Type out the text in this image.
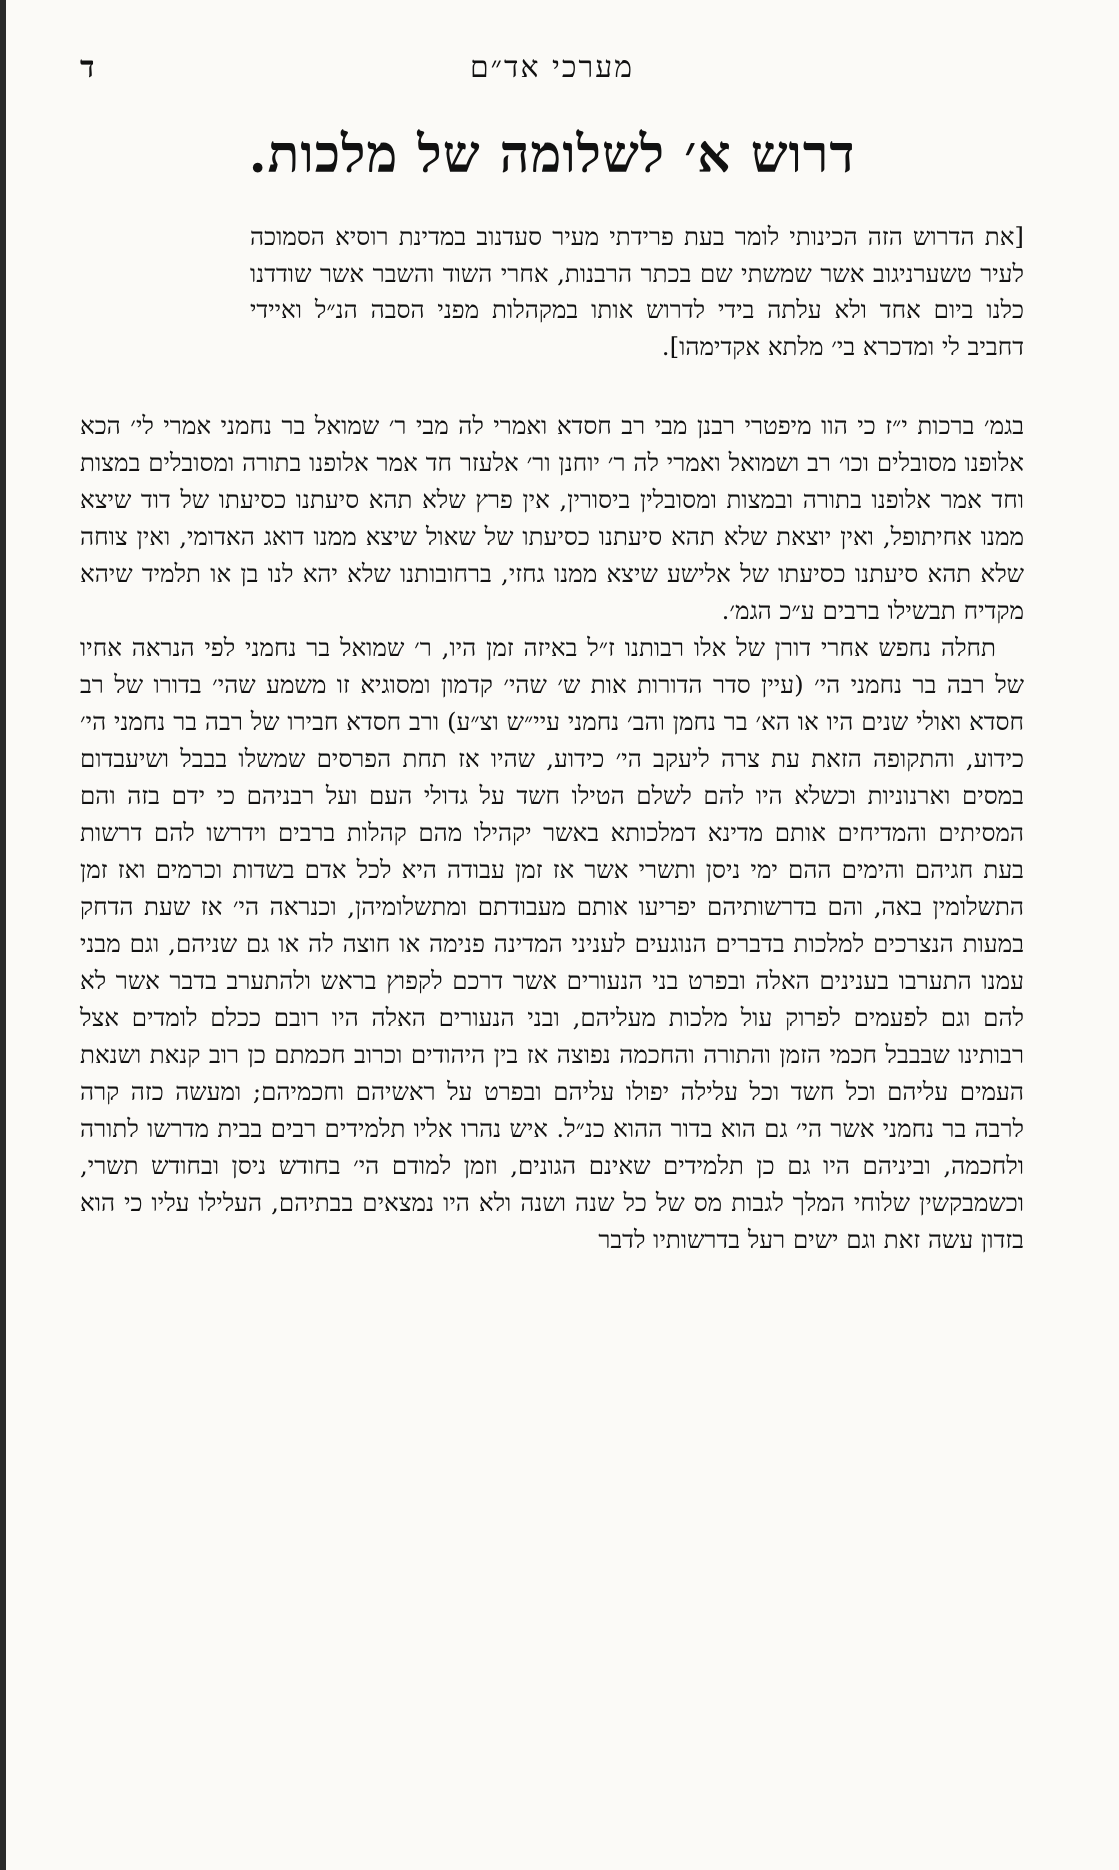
מערכי אד״ם
ד
דרוש א׳ לשלומה של מלכות.
[את הדרוש הזה הכינותי לומר בעת פרידתי מעיר סעדנוב במדינת רוסיא הסמוכה לעיר טשערניגוב אשר שמשתי שם בכתר הרבנות, אחרי השוד והשבר אשר שודדנו כלנו ביום אחד ולא עלתה בידי לדרוש אותו במקהלות מפני הסבה הנ״ל ואיידי דחביב לי ומדכרא בי׳ מלתא אקדימהו].

בגמ׳ ברכות י״ז כי הוו מיפטרי רבנן מבי רב חסדא ואמרי לה מבי ר׳ שמואל בר נחמני אמרי לי׳ הכא אלופנו מסובלים וכו׳ רב ושמואל ואמרי לה ר׳ יוחנן ור׳ אלעזר חד אמר אלופנו בתורה ומסובלים במצות וחד אמר אלופנו בתורה ובמצות ומסובלין ביסורין, אין פרץ שלא תהא סיעתנו כסיעתו של דוד שיצא ממנו אחיתופל, ואין יוצאת שלא תהא סיעתנו כסיעתו של שאול שיצא ממנו דואג האדומי, ואין צוחה שלא תהא סיעתנו כסיעתו של אלישע שיצא ממנו גחזי, ברחובותנו שלא יהא לנו בן או תלמיד שיהא מקדיח תבשילו ברבים ע״כ הגמ׳.

תחלה נחפש אחרי דורן של אלו רבותנו ז״ל באיזה זמן היו, ר׳ שמואל בר נחמני לפי הנראה אחיו של רבה בר נחמני הי׳ (עיין סדר הדורות אות ש׳ שהי׳ קדמון ומסוגיא זו משמע שהי׳ בדורו של רב חסדא ואולי שנים היו או הא׳ בר נחמן והב׳ נחמני עיי״ש וצ״ע) ורב חסדא חבירו של רבה בר נחמני הי׳ כידוע, והתקופה הזאת עת צרה ליעקב הי׳ כידוע, שהיו אז תחת הפרסים שמשלו בבבל ושיעבדום במסים וארנוניות וכשלא היו להם לשלם הטילו חשד על גדולי העם ועל רבניהם כי ידם בזה והם המסיתים והמדיחים אותם מדינא דמלכותא באשר יקהילו מהם קהלות ברבים וידרשו להם דרשות בעת חגיהם והימים ההם ימי ניסן ותשרי אשר אז זמן עבודה היא לכל אדם בשדות וכרמים ואז זמן התשלומין באה, והם בדרשותיהם יפריעו אותם מעבודתם ומתשלומיהן, וכנראה הי׳ אז שעת הדחק במעות הנצרכים למלכות בדברים הנוגעים לעניני המדינה פנימה או חוצה לה או גם שניהם, וגם מבני עמנו התערבו בענינים האלה ובפרט בני הנעורים אשר דרכם לקפוץ בראש ולהתערב בדבר אשר לא להם וגם לפעמים לפרוק עול מלכות מעליהם, ובני הנעורים האלה היו רובם ככלם לומדים אצל רבותינו שבבבל חכמי הזמן והתורה והחכמה נפוצה אז בין היהודים וכרוב חכמתם כן רוב קנאת ושנאת העמים עליהם וכל חשד וכל עלילה יפולו עליהם ובפרט על ראשיהם וחכמיהם; ומעשה כזה קרה לרבה בר נחמני אשר הי׳ גם הוא בדור ההוא כנ״ל. איש נהרו אליו תלמידים רבים בבית מדרשו לתורה ולחכמה, וביניהם היו גם כן תלמידים שאינם הגונים, וזמן למודם הי׳ בחודש ניסן ובחודש תשרי, וכשמבקשין שלוחי המלך לגבות מס של כל שנה ושנה ולא היו נמצאים בבתיהם, העלילו עליו כי הוא בזדון עשה זאת וגם ישים רעל בדרשותיו לדבר
